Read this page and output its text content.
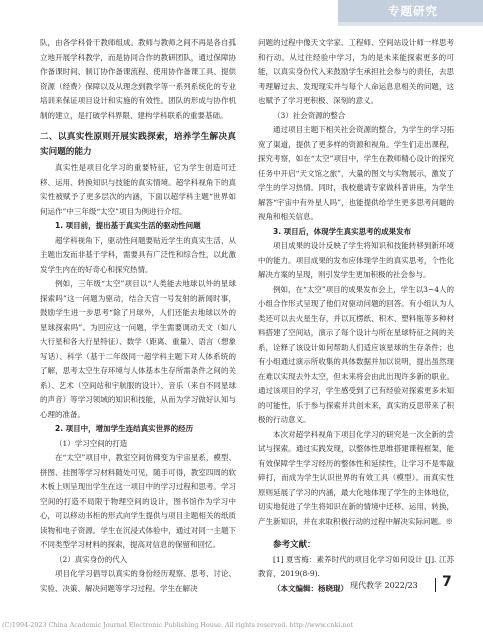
专题研究

队，由各学科骨干教师组成。教师与教师之间不再是各自孤立地开展学科教学，而是协同合作的教研团队，通过保障协作备课时间、制订协作备课流程、使用协作备课工具、提供资源（经费）保障以及从理念到教学等一系列系统化的专业培训来保证项目设计和实施的有效性。团队的形成与协作机制的建立，是打破学科界限、建构学科联系的重要基础。

二、以真实性原则开展实践探索，培养学生解决真实问题的能力

真实性是项目化学习的重要特征，它为学生创造可迁移、运用、转换知识与技能的真实情境。超学科视角下的真实性被赋予了更多层次的内涵，下面以超学科主题“世界如何运作”中三年级“太空”项目为例进行介绍。

1. 项目前，提出基于真实生活的驱动性问题

超学科视角下，驱动性问题要贴近学生的真实生活，从主题出发而非基于学科，需要具有广泛性和综合性，以此激发学生内在的好奇心和探究热情。

例如，三年级“太空”项目以“人类能去地球以外的星球探索吗”这一问题为驱动，结合天宫一号发射的新闻时事，鼓励学生进一步思考“除了月球外，人们还能去地球以外的星球探索吗”。为回应这一问题，学生需要调动天文（如八大行星和各大行星特征）、数学（距离、重量）、语言（想象写话）、科学（基于二年级同一超学科主题下对人体系统的了解，思考太空生存环境与人体基本生存所需条件之间的关系）、艺术（空间站和宇航服的设计）、音乐（来自不同星球的声音）等学习领域的知识和技能，从而为学习做好认知与心理的准备。

2. 项目中，增加学生连结真实世界的经历

（1）学习空间的打造

在“太空”项目中，教室空间仿佛变为宇宙星系，模型、拼图、挂图等学习材料随处可见，随手可得，教室四周的软木板上则呈现出学生在这一项目中的学习过程和思考。学习空间的打造不局限于物理空间的设计，图书馆作为学习中心，可以移动书柜的形式向学生提供与项目主题相关的纸质读物和电子资源。学生在沉浸式体验中，通过对同一主题下不同类型学习材料的探索，提高对信息的保留和回忆。

（2）真实身份的代入

项目化学习倡导以真实的身份经历观察、思考、讨论、实验、决策、解决问题等学习过程。学生在解决

问题的过程中像天文学家、工程师、空间站设计师一样思考和行动。从过往经验中学习，为的是未来能探索更多的可能，以真实身份代入来鼓励学生承担社会参与的责任，去思考理解过去、发现现实并与每个人命运息息相关的问题，这也赋予了学习更积极、深刻的意义。

（3）社会资源的整合

通过项目主题下相关社会资源的整合，为学生的学习拓宽了渠道，提供了更多样的资源和视角。学生们走出课程，探究考察，如在“太空”项目中，学生在教师精心设计的探究任务中开启“天文馆之旅”，大量的图文与实物展示，激发了学生的学习热情。同时，我校邀请专家做科普讲座，为学生解答“宇宙中有外星人吗”，也能提供给学生更多思考问题的视角和相关信息。

3. 项目后，体现学生真实思考的成果发布

项目成果的设计反映了学生将知识和技能转移到新环境中的能力。项目成果的发布应体现学生的真实思考，个性化解决方案的呈现，则引发学生更加积极的社会参与。

例如，在“太空”项目的成果发布会上，学生以3~4人的小组合作形式呈现了他们对驱动问题的回答。有小组认为人类还可以去火星生存，并以瓦楞纸、积木、塑料瓶等多种材料搭建了空间站，演示了每个设计与所在星球特征之间的关系，诠释了该设计如何帮助人们适应该星球的生存条件；也有小组通过演示所收集的具体数据并加以说明，提出虽然现在难以实现去外太空，但未来将会由此出现许多新的职业。通过该项目的学习，学生感受到了已有经验对探索更多未知的可能性，乐于参与探索并共创未来，真实的反思带来了积极的行动意义。

本次对超学科视角下项目化学习的研究是一次全新的尝试与探索。通过实践发现，以整体性思维搭建课程框架，能有效保障学生学习经历的整体性和延续性，让学习不是零敲碎打，而成为学生认识世界的有效工具（模型）。而真实性原则延展了学习的内涵，最大化地体现了学生的主体地位，切实地促进了学生将知识在新的情境中迁移、运用、转换，产生新知识，并在求取积极行动的过程中解决实际问题。※

参考文献：

[1] 夏雪梅：素养时代的项目化学习如何设计 [J]. 江苏教育，2019(8-9).

（本文编辑：杨晓琨） 现代教学 2022/23 7
(C)1994-2023 China Academic Journal Electronic Publishing House. All rights reserved. http://www.cnki.net
